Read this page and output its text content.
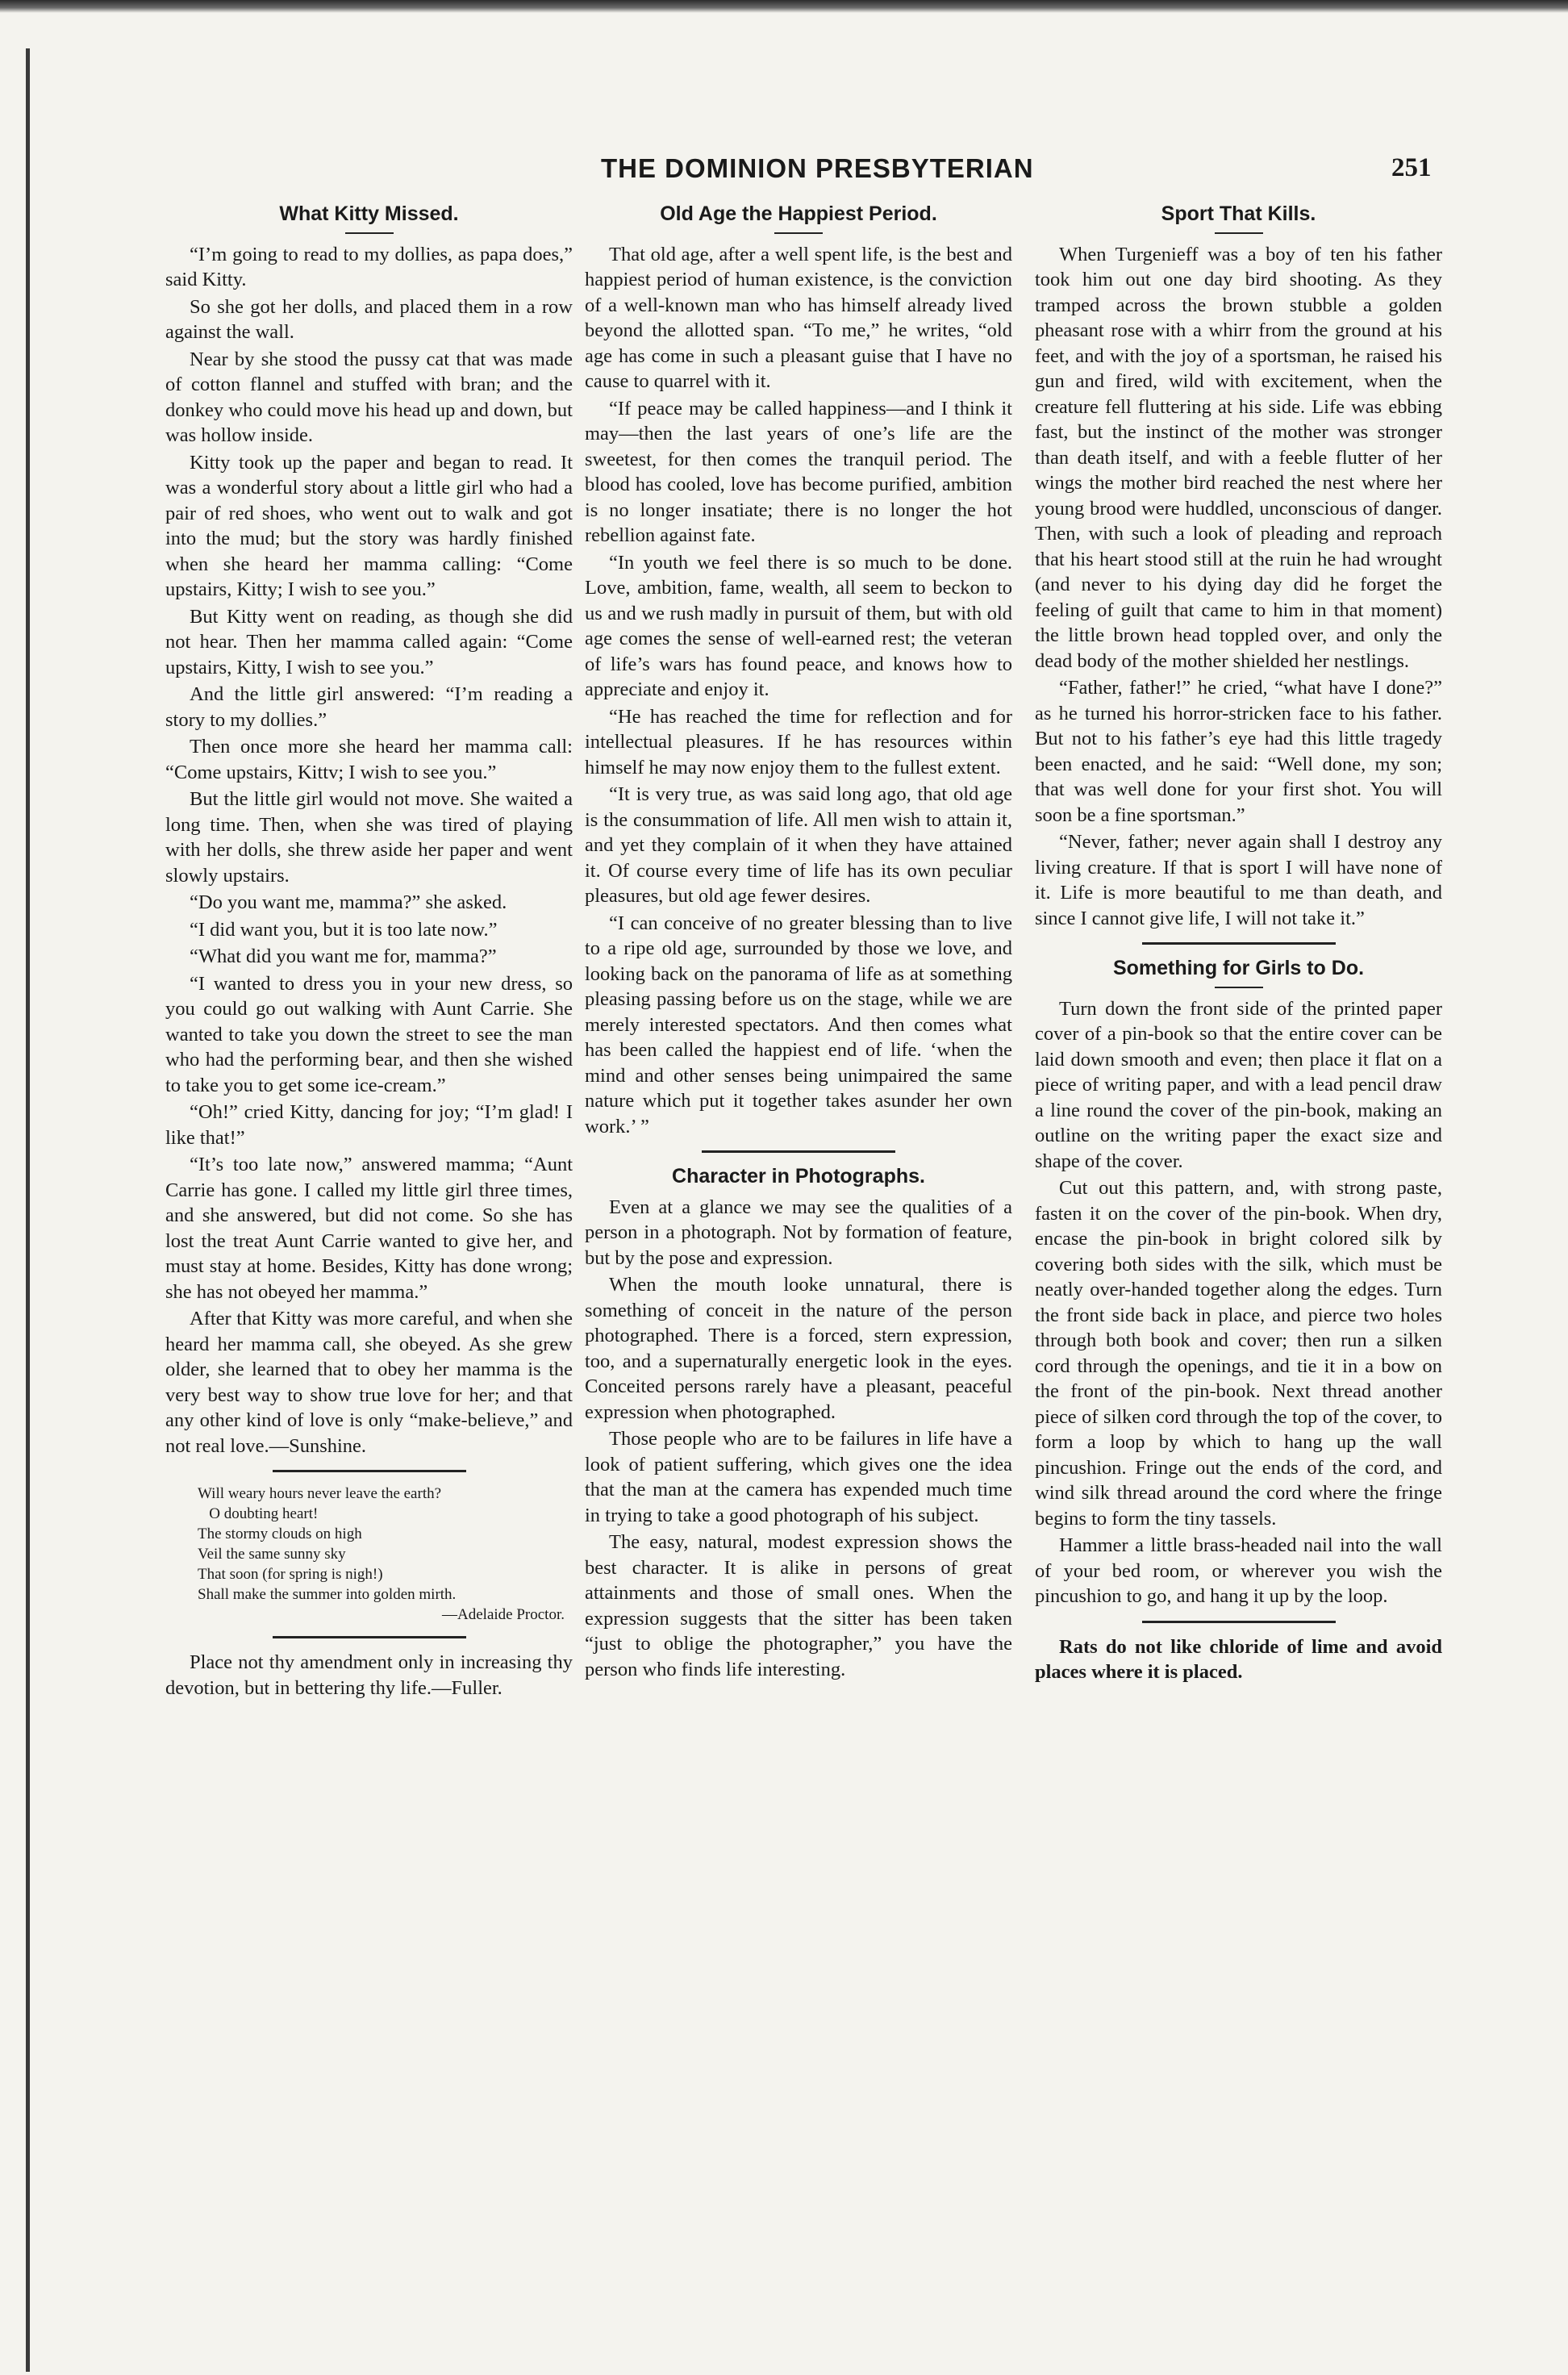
THE DOMINION PRESBYTERIAN	251
What Kitty Missed.

“I’m going to read to my dollies, as papa does,” said Kitty.

So she got her dolls, and placed them in a row against the wall.

Near by she stood the pussy cat that was made of cotton flannel and stuffed with bran; and the donkey who could move his head up and down, but was hollow inside.

Kitty took up the paper and began to read. It was a wonderful story about a little girl who had a pair of red shoes, who went out to walk and got into the mud; but the story was hardly finished when she heard her mamma calling: “Come upstairs, Kitty; I wish to see you.”

But Kitty went on reading, as though she did not hear. Then her mamma called again: “Come upstairs, Kitty, I wish to see you.”

And the little girl answered: “I’m reading a story to my dollies.”

Then once more she heard her mamma call: “Come upstairs, Kittv; I wish to see you.”

But the little girl would not move. She waited a long time. Then, when she was tired of playing with her dolls, she threw aside her paper and went slowly upstairs.

“Do you want me, mamma?” she asked.

“I did want you, but it is too late now.”

“What did you want me for, mamma?”

“I wanted to dress you in your new dress, so you could go out walking with Aunt Carrie. She wanted to take you down the street to see the man who had the performing bear, and then she wished to take you to get some ice-cream.”

“Oh!” cried Kitty, dancing for joy; “I’m glad! I like that!”

“It’s too late now,” answered mamma; “Aunt Carrie has gone. I called my little girl three times, and she answered, but did not come. So she has lost the treat Aunt Carrie wanted to give her, and must stay at home. Besides, Kitty has done wrong; she has not obeyed her mamma.”

After that Kitty was more careful, and when she heard her mamma call, she obeyed. As she grew older, she learned that to obey her mamma is the very best way to show true love for her; and that any other kind of love is only “make-believe,” and not real love.—Sunshine.

Will weary hours never leave the earth?
O doubting heart!
The stormy clouds on high
Veil the same sunny sky
That soon (for spring is nigh!)
Shall make the summer into golden mirth.
—Adelaide Proctor.

Place not thy amendment only in increasing thy devotion, but in bettering thy life.—Fuller.

Old Age the Happiest Period.

That old age, after a well spent life, is the best and happiest period of human existence, is the conviction of a well-known man who has himself already lived beyond the allotted span. “To me,” he writes, “old age has come in such a pleasant guise that I have no cause to quarrel with it.

“If peace may be called happiness—and I think it may—then the last years of one’s life are the sweetest, for then comes the tranquil period. The blood has cooled, love has become purified, ambition is no longer insatiate; there is no longer the hot rebellion against fate.

“In youth we feel there is so much to be done. Love, ambition, fame, wealth, all seem to beckon to us and we rush madly in pursuit of them, but with old age comes the sense of well-earned rest; the veteran of life’s wars has found peace, and knows how to appreciate and enjoy it.

“He has reached the time for reflection and for intellectual pleasures. If he has resources within himself he may now enjoy them to the fullest extent.

“It is very true, as was said long ago, that old age is the consummation of life. All men wish to attain it, and yet they complain of it when they have attained it. Of course every time of life has its own peculiar pleasures, but old age fewer desires.

“I can conceive of no greater blessing than to live to a ripe old age, surrounded by those we love, and looking back on the panorama of life as at something pleasing passing before us on the stage, while we are merely interested spectators. And then comes what has been called the happiest end of life. ‘when the mind and other senses being unimpaired the same nature which put it together takes asunder her own work.’ ”

Character in Photographs.

Even at a glance we may see the qualities of a person in a photograph. Not by formation of feature, but by the pose and expression.

When the mouth looke unnatural, there is something of conceit in the nature of the person photographed. There is a forced, stern expression, too, and a supernaturally energetic look in the eyes. Conceited persons rarely have a pleasant, peaceful expression when photographed.

Those people who are to be failures in life have a look of patient suffering, which gives one the idea that the man at the camera has expended much time in trying to take a good photograph of his subject.

The easy, natural, modest expression shows the best character. It is alike in persons of great attainments and those of small ones. When the expression suggests that the sitter has been taken “just to oblige the photographer,” you have the person who finds life interesting.

Sport That Kills.

When Turgenieff was a boy of ten his father took him out one day bird shooting. As they tramped across the brown stubble a golden pheasant rose with a whirr from the ground at his feet, and with the joy of a sportsman, he raised his gun and fired, wild with excitement, when the creature fell fluttering at his side. Life was ebbing fast, but the instinct of the mother was stronger than death itself, and with a feeble flutter of her wings the mother bird reached the nest where her young brood were huddled, unconscious of danger. Then, with such a look of pleading and reproach that his heart stood still at the ruin he had wrought (and never to his dying day did he forget the feeling of guilt that came to him in that moment) the little brown head toppled over, and only the dead body of the mother shielded her nestlings.

“Father, father!” he cried, “what have I done?” as he turned his horror-stricken face to his father. But not to his father’s eye had this little tragedy been enacted, and he said: “Well done, my son; that was well done for your first shot. You will soon be a fine sportsman.”

“Never, father; never again shall I destroy any living creature. If that is sport I will have none of it. Life is more beautiful to me than death, and since I cannot give life, I will not take it.”

Something for Girls to Do.

Turn down the front side of the printed paper cover of a pin-book so that the entire cover can be laid down smooth and even; then place it flat on a piece of writing paper, and with a lead pencil draw a line round the cover of the pin-book, making an outline on the writing paper the exact size and shape of the cover.

Cut out this pattern, and, with strong paste, fasten it on the cover of the pin-book. When dry, encase the pin-book in bright colored silk by covering both sides with the silk, which must be neatly over-handed together along the edges. Turn the front side back in place, and pierce two holes through both book and cover; then run a silken cord through the openings, and tie it in a bow on the front of the pin-book. Next thread another piece of silken cord through the top of the cover, to form a loop by which to hang up the wall pincushion. Fringe out the ends of the cord, and wind silk thread around the cord where the fringe begins to form the tiny tassels.

Hammer a little brass-headed nail into the wall of your bed room, or wherever you wish the pincushion to go, and hang it up by the loop.

Rats do not like chloride of lime and avoid places where it is placed.
